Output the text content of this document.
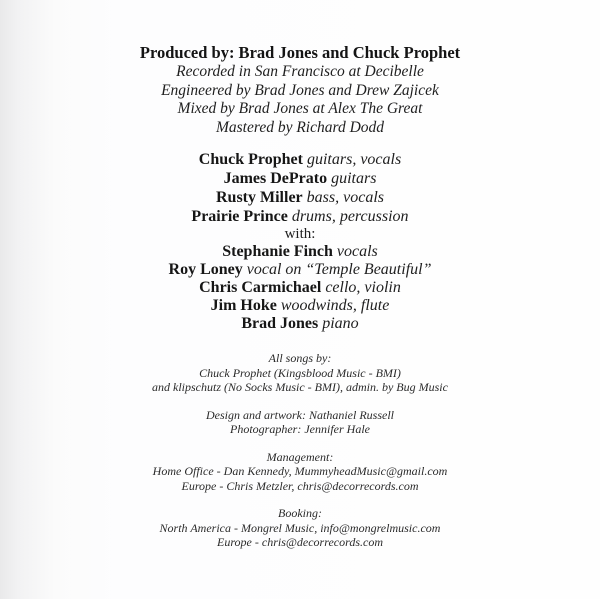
Produced by: Brad Jones and Chuck Prophet
Recorded in San Francisco at Decibelle
Engineered by Brad Jones and Drew Zajicek
Mixed by Brad Jones at Alex The Great
Mastered by Richard Dodd
Chuck Prophet guitars, vocals
James DePrato guitars
Rusty Miller bass, vocals
Prairie Prince drums, percussion
with:
Stephanie Finch vocals
Roy Loney vocal on “Temple Beautiful”
Chris Carmichael cello, violin
Jim Hoke woodwinds, flute
Brad Jones piano
All songs by:
Chuck Prophet (Kingsblood Music - BMI)
and klipschutz (No Socks Music - BMI), admin. by Bug Music
Design and artwork: Nathaniel Russell
Photographer: Jennifer Hale
Management:
Home Office - Dan Kennedy, MummyheadMusic@gmail.com
Europe - Chris Metzler, chris@decorrecords.com
Booking:
North America - Mongrel Music, info@mongrelmusic.com
Europe - chris@decorrecords.com
